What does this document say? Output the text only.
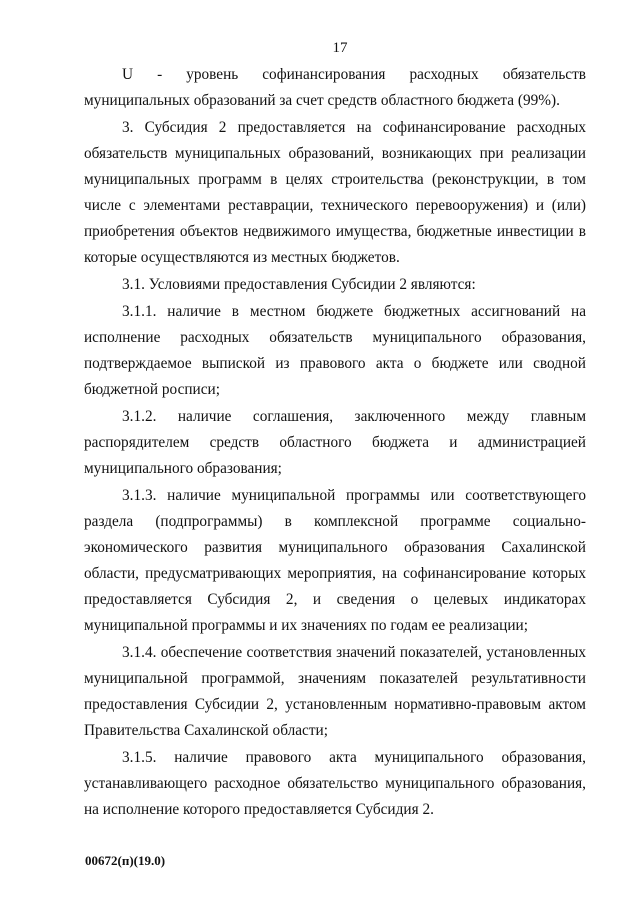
17

U - уровень софинансирования расходных обязательств муниципальных образований за счет средств областного бюджета (99%).

3. Субсидия 2 предоставляется на софинансирование расходных обязательств муниципальных образований, возникающих при реализации муниципальных программ в целях строительства (реконструкции, в том числе с элементами реставрации, технического перевооружения) и (или) приобретения объектов недвижимого имущества, бюджетные инвестиции в которые осуществляются из местных бюджетов.

3.1. Условиями предоставления Субсидии 2 являются:

3.1.1. наличие в местном бюджете бюджетных ассигнований на исполнение расходных обязательств муниципального образования, подтверждаемое выпиской из правового акта о бюджете или сводной бюджетной росписи;

3.1.2. наличие соглашения, заключенного между главным распорядителем средств областного бюджета и администрацией муниципального образования;

3.1.3. наличие муниципальной программы или соответствующего раздела (подпрограммы) в комплексной программе социально-экономического развития муниципального образования Сахалинской области, предусматривающих мероприятия, на софинансирование которых предоставляется Субсидия 2, и сведения о целевых индикаторах муниципальной программы и их значениях по годам ее реализации;

3.1.4. обеспечение соответствия значений показателей, установленных муниципальной программой, значениям показателей результативности предоставления Субсидии 2, установленным нормативно-правовым актом Правительства Сахалинской области;

3.1.5. наличие правового акта муниципального образования, устанавливающего расходное обязательство муниципального образования, на исполнение которого предоставляется Субсидия 2.

00672(п)(19.0)
